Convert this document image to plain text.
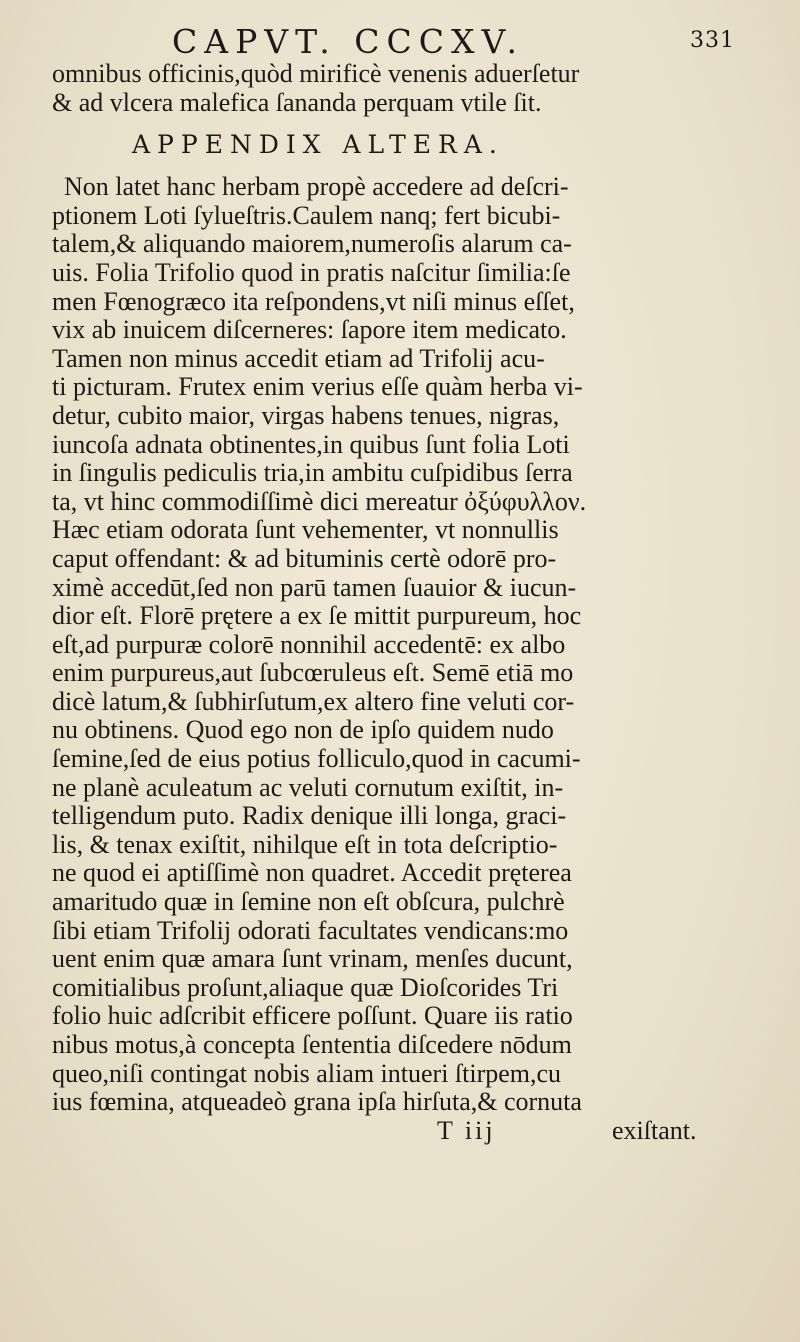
CAPVT. CCCXV.	331
omnibus officinis,quòd mirificè venenis aduerſetur
& ad vlcera malefica ſananda perquam vtile ſit.
APPENDIX ALTERA.
Non latet hanc herbam propè accedere ad deſcri-
ptionem Loti ſylueſtris.Caulem nanq; fert bicubi-
talem,& aliquando maiorem,numeroſis alarum ca-
uis. Folia Trifolio quod in pratis naſcitur ſimilia:ſe
men Fœnogræco ita reſpondens,vt niſi minus eſſet,
vix ab inuicem diſcerneres: ſapore item medicato.
Tamen non minus accedit etiam ad Trifolij acu-
ti picturam. Frutex enim verius eſſe quàm herba vi-
detur, cubito maior, virgas habens tenues, nigras,
iuncoſa adnata obtinentes,in quibus ſunt folia Loti
in ſingulis pediculis tria,in ambitu cuſpidibus ſerra
ta, vt hinc commodiſſimè dici mereatur ὀξύφυλλον.
Hæc etiam odorata ſunt vehementer, vt nonnullis
caput offendant: & ad bituminis certè odorē pro-
ximè accedūt,ſed non parū tamen ſuauior & iucun-
dior eſt. Florē prętere a ex ſe mittit purpureum, hoc
eſt,ad purpuræ colorē nonnihil accedentē: ex albo
enim purpureus,aut ſubcœruleus eſt. Semē etiā mo
dicè latum,& ſubhirſutum,ex altero fine veluti cor-
nu obtinens. Quod ego non de ipſo quidem nudo
ſemine,ſed de eius potius folliculo,quod in cacumi-
ne planè aculeatum ac veluti cornutum exiſtit, in-
telligendum puto. Radix denique illi longa, graci-
lis, & tenax exiſtit, nihilque eſt in tota deſcriptio-
ne quod ei aptiſſimè non quadret. Accedit pręterea
amaritudo quæ in ſemine non eſt obſcura, pulchrè
ſibi etiam Trifolij odorati facultates vendicans:mo
uent enim quæ amara ſunt vrinam, menſes ducunt,
comitialibus proſunt,aliaque quæ Dioſcorides Tri
folio huic adſcribit efficere poſſunt. Quare iis ratio
nibus motus,à concepta ſententia diſcedere nōdum
queo,niſi contingat nobis aliam intueri ſtirpem,cu
ius fœmina, atqueadeò grana ipſa hirſuta,& cornuta
T iij	exiſtant.
